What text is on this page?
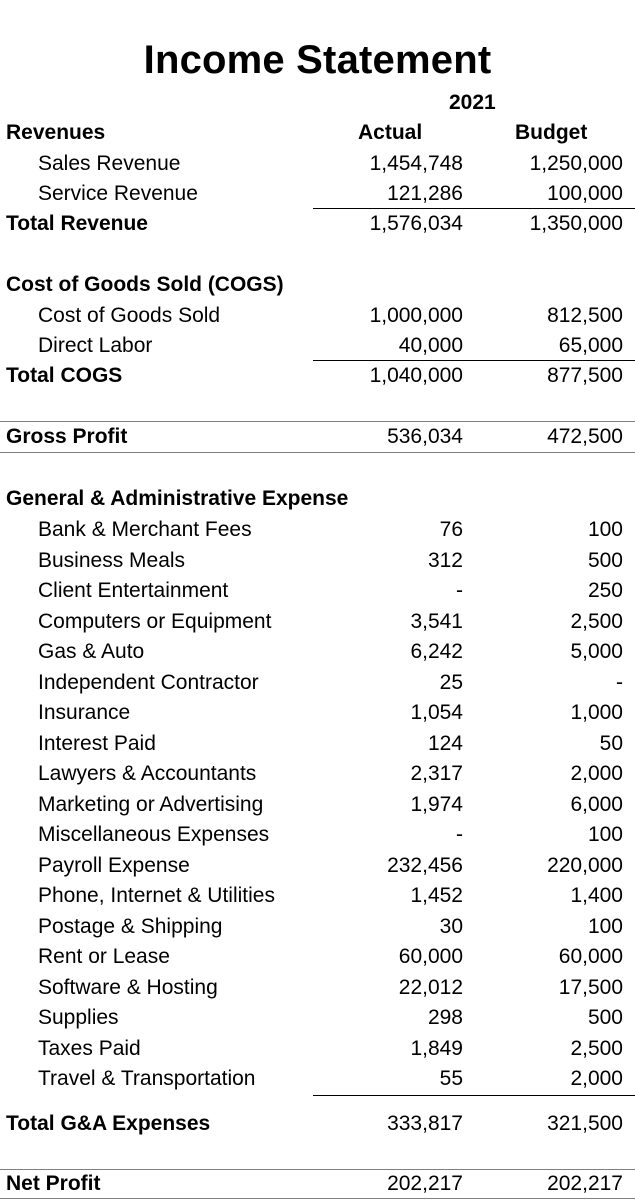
Income Statement
2021
Revenues	Actual	Budget
Sales Revenue	1,454,748	1,250,000
Service Revenue	121,286	100,000
Total Revenue	1,576,034	1,350,000
Cost of Goods Sold (COGS)
Cost of Goods Sold	1,000,000	812,500
Direct Labor	40,000	65,000
Total COGS	1,040,000	877,500
Gross Profit	536,034	472,500
General & Administrative Expense
Bank & Merchant Fees	76	100
Business Meals	312	500
Client Entertainment	-	250
Computers or Equipment	3,541	2,500
Gas & Auto	6,242	5,000
Independent Contractor	25	-
Insurance	1,054	1,000
Interest Paid	124	50
Lawyers & Accountants	2,317	2,000
Marketing or Advertising	1,974	6,000
Miscellaneous Expenses	-	100
Payroll Expense	232,456	220,000
Phone, Internet & Utilities	1,452	1,400
Postage & Shipping	30	100
Rent or Lease	60,000	60,000
Software & Hosting	22,012	17,500
Supplies	298	500
Taxes Paid	1,849	2,500
Travel & Transportation	55	2,000
Total G&A Expenses	333,817	321,500
Net Profit	202,217	202,217
